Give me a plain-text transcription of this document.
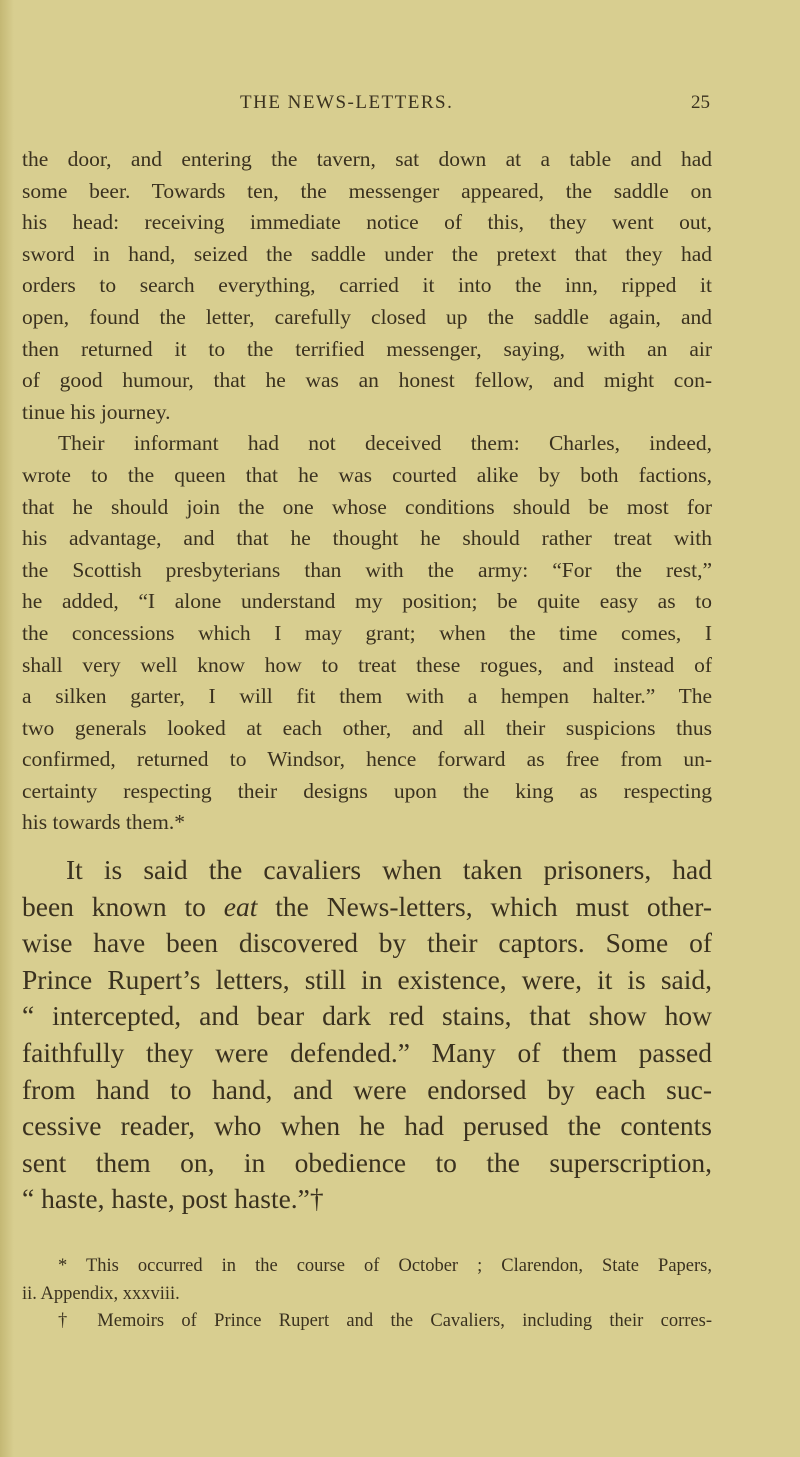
THE NEWS-LETTERS.	25
the door, and entering the tavern, sat down at a table and had
some beer. Towards ten, the messenger appeared, the saddle on
his head: receiving immediate notice of this, they went out,
sword in hand, seized the saddle under the pretext that they had
orders to search everything, carried it into the inn, ripped it
open, found the letter, carefully closed up the saddle again, and
then returned it to the terrified messenger, saying, with an air
of good humour, that he was an honest fellow, and might con-
tinue his journey.
Their informant had not deceived them: Charles, indeed,
wrote to the queen that he was courted alike by both factions,
that he should join the one whose conditions should be most for
his advantage, and that he thought he should rather treat with
the Scottish presbyterians than with the army: “For the rest,”
he added, “I alone understand my position; be quite easy as to
the concessions which I may grant; when the time comes, I
shall very well know how to treat these rogues, and instead of
a silken garter, I will fit them with a hempen halter.” The
two generals looked at each other, and all their suspicions thus
confirmed, returned to Windsor, hence forward as free from un-
certainty respecting their designs upon the king as respecting
his towards them.*
It is said the cavaliers when taken prisoners, had
been known to eat the News-letters, which must other-
wise have been discovered by their captors. Some of
Prince Rupert’s letters, still in existence, were, it is said,
“ intercepted, and bear dark red stains, that show how
faithfully they were defended.” Many of them passed
from hand to hand, and were endorsed by each suc-
cessive reader, who when he had perused the contents
sent them on, in obedience to the superscription,
“ haste, haste, post haste.”†
* This occurred in the course of October ; Clarendon, State Papers,
ii. Appendix, xxxviii.
† Memoirs of Prince Rupert and the Cavaliers, including their corres-
